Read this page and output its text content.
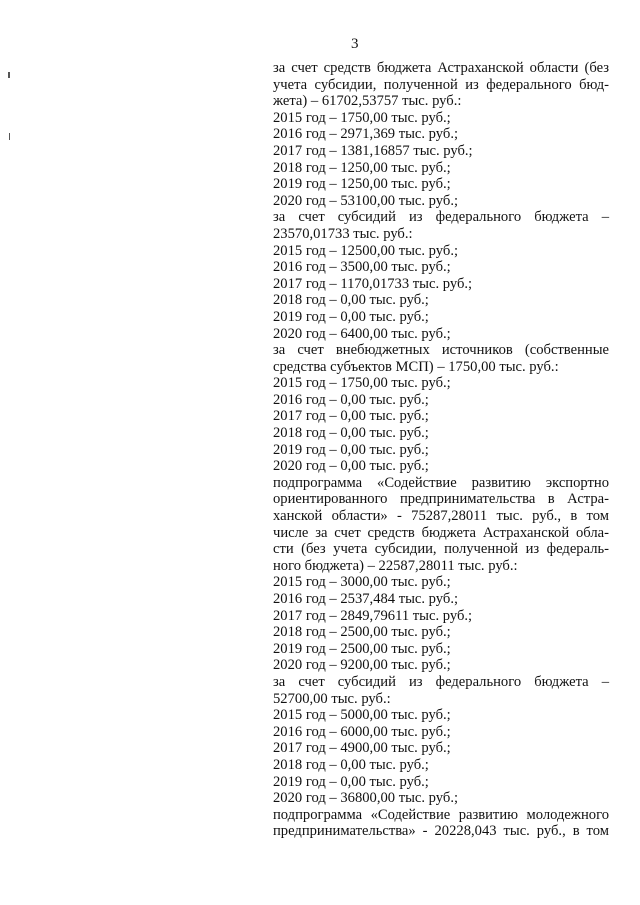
3

за счет средств бюджета Астраханской области (без

учета субсидии, полученной из федерального бюд-

жета) – 61702,53757 тыс. руб.:

2015 год – 1750,00 тыс. руб.;

2016 год – 2971,369 тыс. руб.;

2017 год – 1381,16857 тыс. руб.;

2018 год – 1250,00 тыс. руб.;

2019 год – 1250,00 тыс. руб.;

2020 год – 53100,00 тыс. руб.;

за счет субсидий из федерального бюджета –

23570,01733 тыс. руб.:

2015 год – 12500,00 тыс. руб.;

2016 год – 3500,00 тыс. руб.;

2017 год – 1170,01733 тыс. руб.;

2018 год – 0,00 тыс. руб.;

2019 год – 0,00 тыс. руб.;

2020 год – 6400,00 тыс. руб.;

за счет внебюджетных источников (собственные

средства субъектов МСП) – 1750,00 тыс. руб.:

2015 год – 1750,00 тыс. руб.;

2016 год – 0,00 тыс. руб.;

2017 год – 0,00 тыс. руб.;

2018 год – 0,00 тыс. руб.;

2019 год – 0,00 тыс. руб.;

2020 год – 0,00 тыс. руб.;

подпрограмма «Содействие развитию экспортно

ориентированного предпринимательства в Астра-

ханской области» - 75287,28011 тыс. руб., в том

числе за счет средств бюджета Астраханской обла-

сти (без учета субсидии, полученной из федераль-

ного бюджета) – 22587,28011 тыс. руб.:

2015 год – 3000,00 тыс. руб.;

2016 год – 2537,484 тыс. руб.;

2017 год – 2849,79611 тыс. руб.;

2018 год – 2500,00 тыс. руб.;

2019 год – 2500,00 тыс. руб.;

2020 год – 9200,00 тыс. руб.;

за счет субсидий из федерального бюджета –

52700,00 тыс. руб.:

2015 год – 5000,00 тыс. руб.;

2016 год – 6000,00 тыс. руб.;

2017 год – 4900,00 тыс. руб.;

2018 год – 0,00 тыс. руб.;

2019 год – 0,00 тыс. руб.;

2020 год – 36800,00 тыс. руб.;

подпрограмма «Содействие развитию молодежного

предпринимательства» - 20228,043 тыс. руб., в том
